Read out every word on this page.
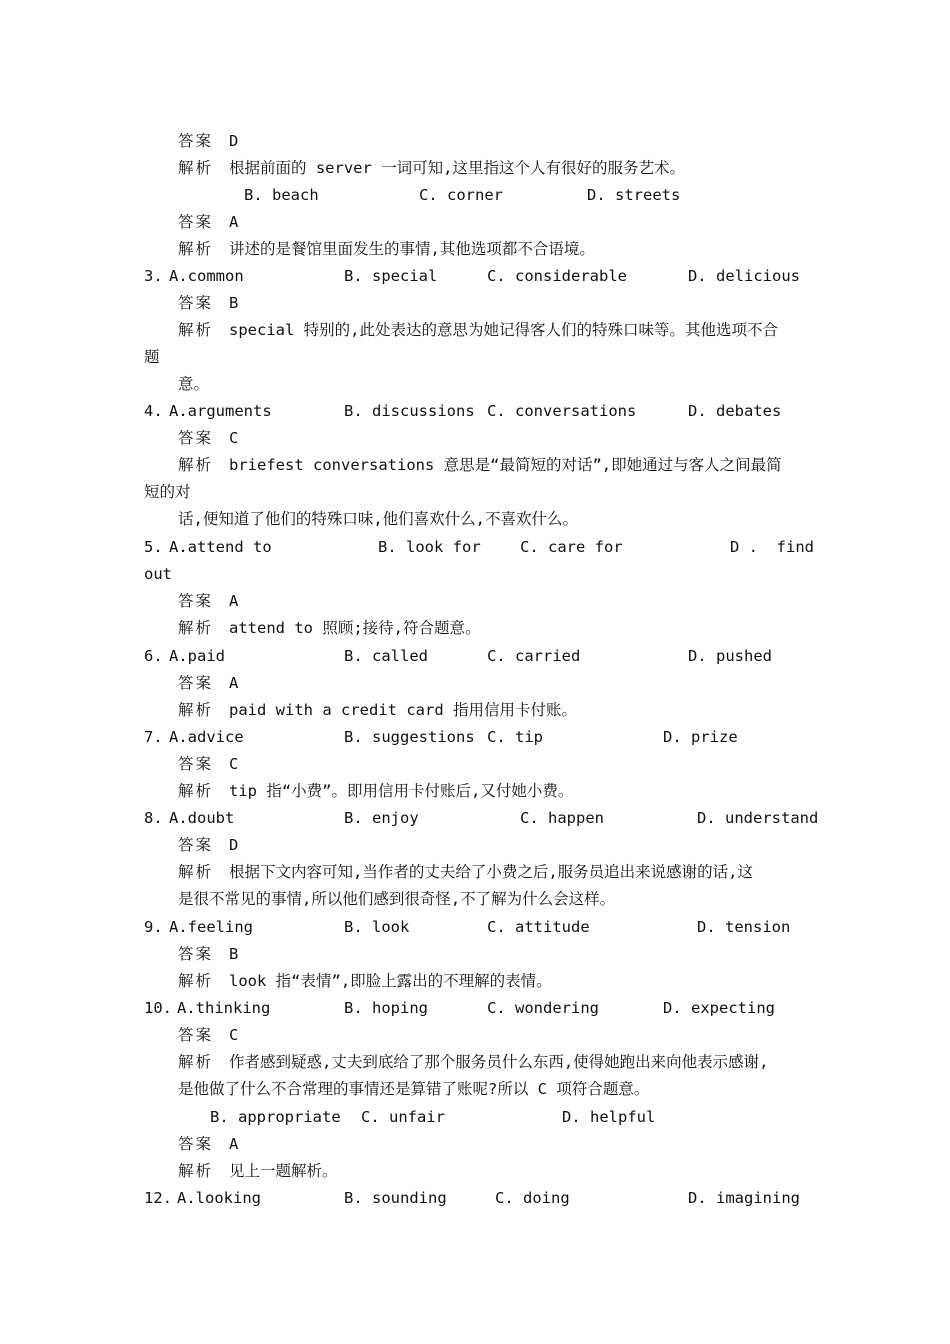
答案 D
解析 根据前面的 server 一词可知,这里指这个人有很好的服务艺术。
B. beach	C. corner	D. streets
答案 A
解析 讲述的是餐馆里面发生的事情,其他选项都不合语境。
3. A.common	B. special	C. considerable	D. delicious
答案 B
解析 special 特别的,此处表达的意思为她记得客人们的特殊口味等。其他选项不合
题
意。
4. A.arguments	B. discussions C. conversations	D. debates
答案 C
解析 briefest conversations 意思是“最简短的对话”,即她通过与客人之间最简
短的对
话,便知道了他们的特殊口味,他们喜欢什么,不喜欢什么。
5. A.attend to	B. look for	C. care for	D .  find
out
答案 A
解析 attend to 照顾;接待,符合题意。
6. A.paid	B. called	C. carried	D. pushed
答案 A
解析 paid with a credit card 指用信用卡付账。
7. A.advice	B. suggestions C. tip	D. prize
答案 C
解析 tip 指“小费”。即用信用卡付账后,又付她小费。
8. A.doubt	B. enjoy	C. happen	D. understand
答案 D
解析 根据下文内容可知,当作者的丈夫给了小费之后,服务员追出来说感谢的话,这
是很不常见的事情,所以他们感到很奇怪,不了解为什么会这样。
9. A.feeling	B. look	C. attitude	D. tension
答案 B
解析 look 指“表情”,即脸上露出的不理解的表情。
10. A.thinking	B. hoping	C. wondering	D. expecting
答案 C
解析 作者感到疑惑,丈夫到底给了那个服务员什么东西,使得她跑出来向他表示感谢,
是他做了什么不合常理的事情还是算错了账呢?所以 C 项符合题意。
B. appropriate C. unfair	D. helpful
答案 A
解析 见上一题解析。
12. A.looking	B. sounding	C. doing	D. imagining
